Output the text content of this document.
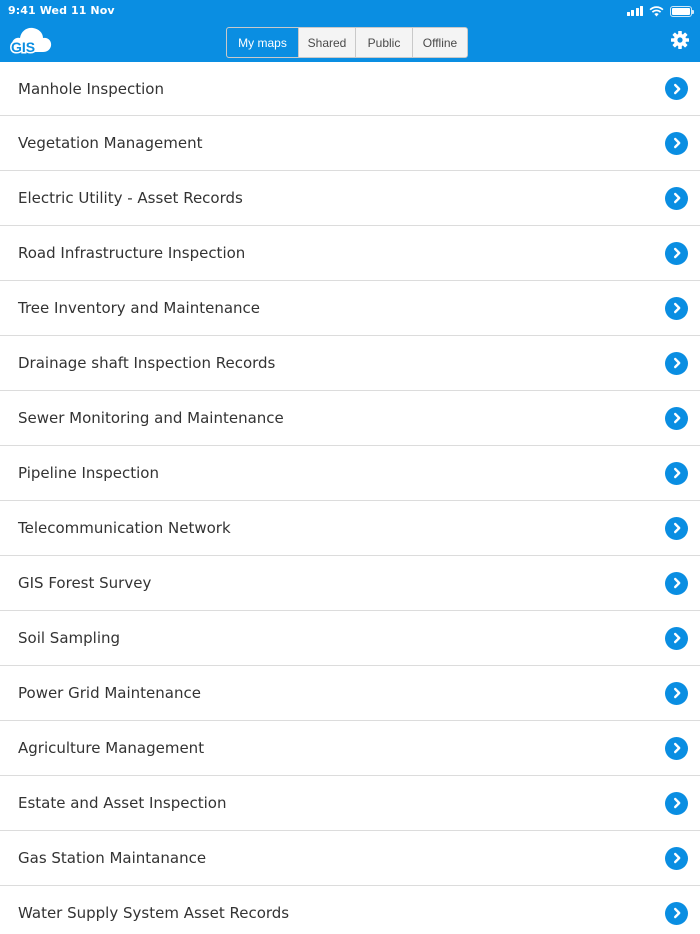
9:41 Wed 11 Nov
GIS	My maps Shared Public Offline
Manhole Inspection
Vegetation Management
Electric Utility - Asset Records
Road Infrastructure Inspection
Tree Inventory and Maintenance
Drainage shaft Inspection Records
Sewer Monitoring and Maintenance
Pipeline Inspection
Telecommunication Network
GIS Forest Survey
Soil Sampling
Power Grid Maintenance
Agriculture Management
Estate and Asset Inspection
Gas Station Maintanance
Water Supply System Asset Records
